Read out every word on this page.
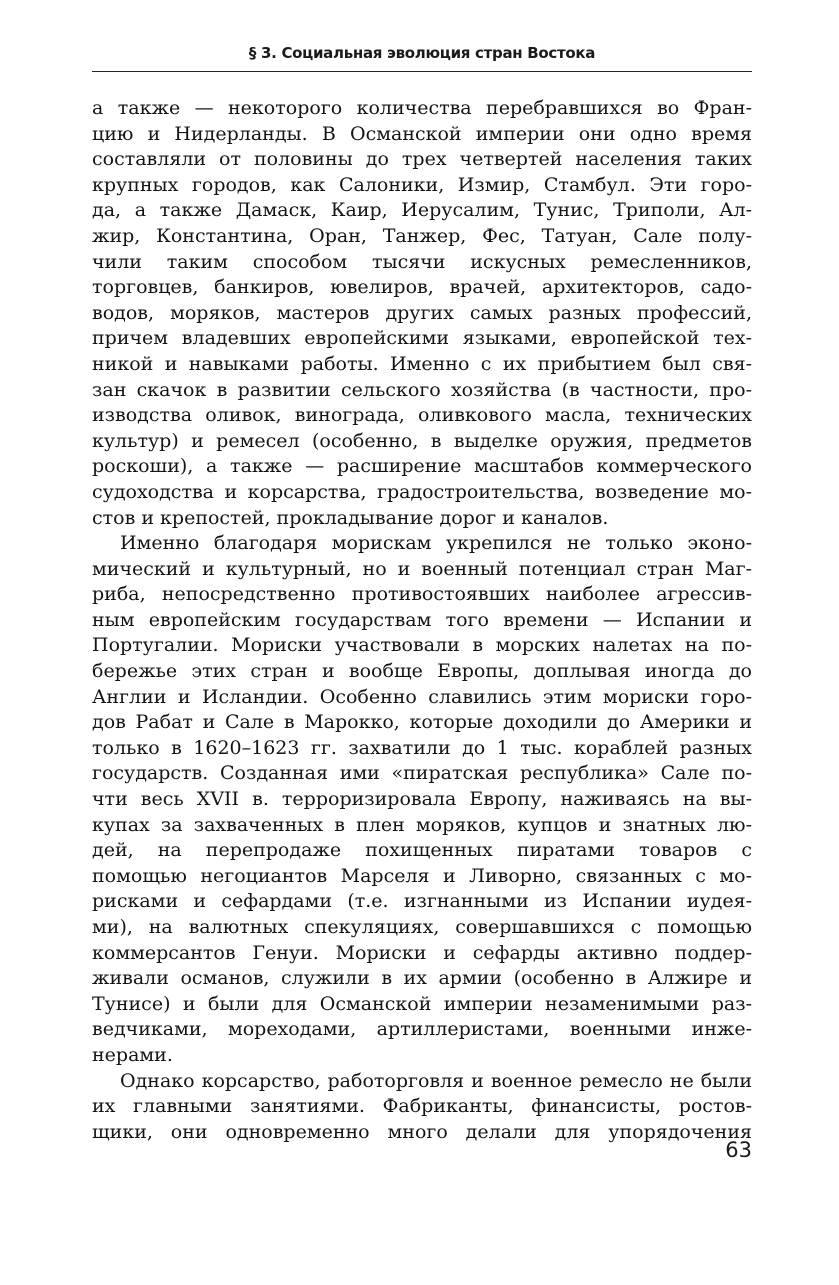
§ 3. Социальная эволюция стран Востока
а также — некоторого количества перебравшихся во Фран-
цию и Нидерланды. В Османской империи они одно время
составляли от половины до трех четвертей населения таких
крупных городов, как Салоники, Измир, Стамбул. Эти горо-
да, а также Дамаск, Каир, Иерусалим, Тунис, Триполи, Ал-
жир, Константина, Оран, Танжер, Фес, Татуан, Сале полу-
чили таким способом тысячи искусных ремесленников,
торговцев, банкиров, ювелиров, врачей, архитекторов, садо-
водов, моряков, мастеров других самых разных профессий,
причем владевших европейскими языками, европейской тех-
никой и навыками работы. Именно с их прибытием был свя-
зан скачок в развитии сельского хозяйства (в частности, про-
изводства оливок, винограда, оливкового масла, технических
культур) и ремесел (особенно, в выделке оружия, предметов
роскоши), а также — расширение масштабов коммерческого
судоходства и корсарства, градостроительства, возведение мо-
стов и крепостей, прокладывание дорог и каналов.
Именно благодаря морискам укрепился не только эконо-
мический и культурный, но и военный потенциал стран Маг-
риба, непосредственно противостоявших наиболее агрессив-
ным европейским государствам того времени — Испании и
Португалии. Мориски участвовали в морских налетах на по-
бережье этих стран и вообще Европы, доплывая иногда до
Англии и Исландии. Особенно славились этим мориски горо-
дов Рабат и Сале в Марокко, которые доходили до Америки и
только в 1620–1623 гг. захватили до 1 тыс. кораблей разных
государств. Созданная ими «пиратская республика» Сале по-
чти весь XVII в. терроризировала Европу, наживаясь на вы-
купах за захваченных в плен моряков, купцов и знатных лю-
дей, на перепродаже похищенных пиратами товаров с
помощью негоциантов Марселя и Ливорно, связанных с мо-
рисками и сефардами (т.е. изгнанными из Испании иудея-
ми), на валютных спекуляциях, совершавшихся с помощью
коммерсантов Генуи. Мориски и сефарды активно поддер-
живали османов, служили в их армии (особенно в Алжире и
Тунисе) и были для Османской империи незаменимыми раз-
ведчиками, мореходами, артиллеристами, военными инже-
нерами.
Однако корсарство, работорговля и военное ремесло не были
их главными занятиями. Фабриканты, финансисты, ростов-
щики, они одновременно много делали для упорядочения
63
